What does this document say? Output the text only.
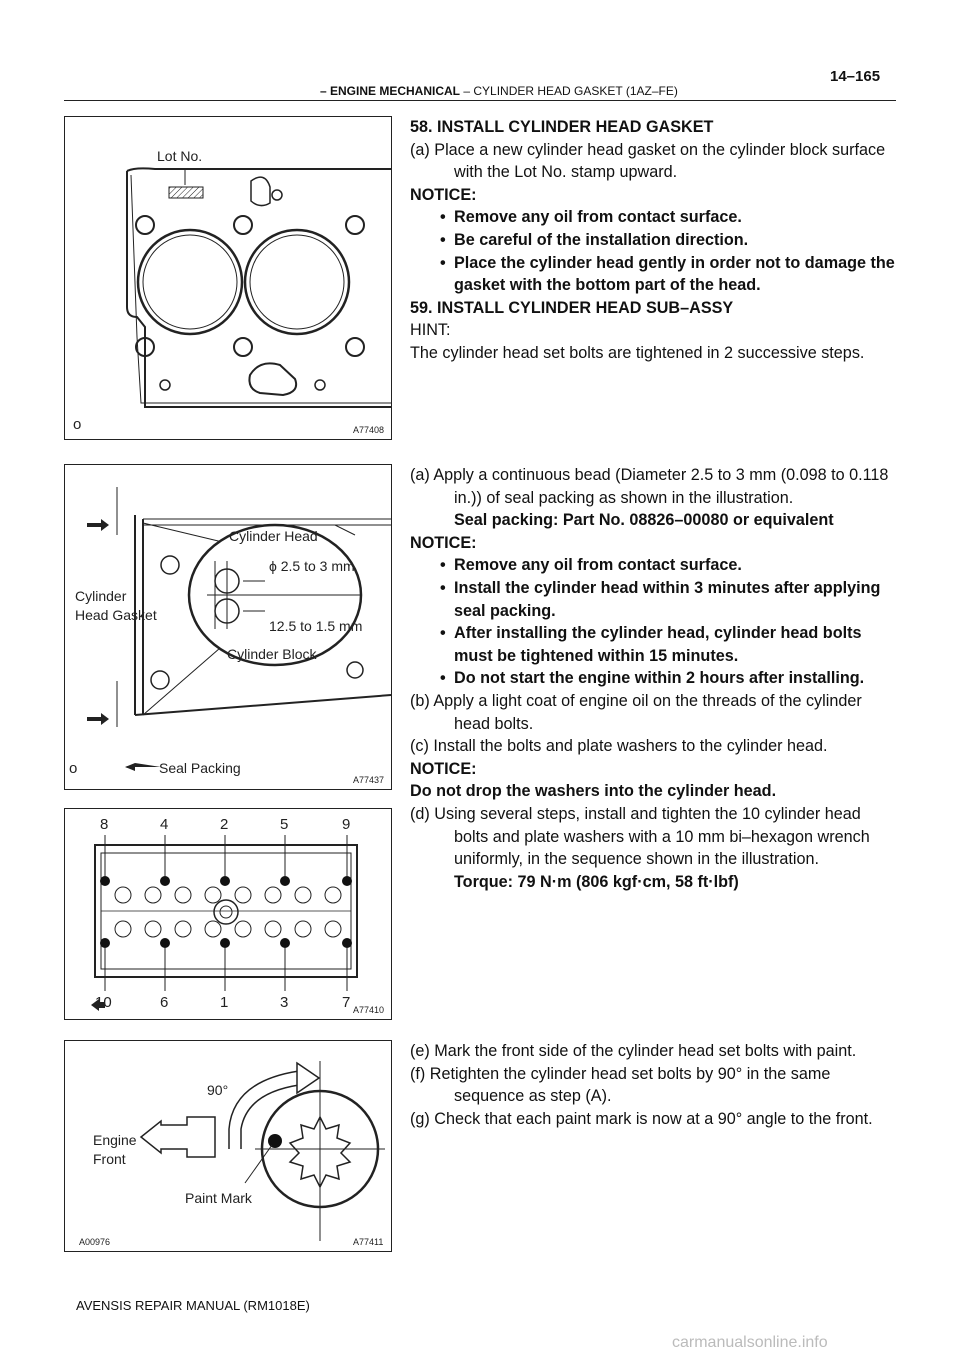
14–165
– ENGINE MECHANICAL – CYLINDER HEAD GASKET (1AZ–FE)
Lot No.
o	A77408
Cylinder
Head Gasket
Cylinder Head
ϕ 2.5 to 3 mm
12.5 to 1.5 mm
Cylinder Block
Seal Packing
o
A77437
8	4	2	5	9
10	6	1	3	7 A77410
90°
Engine
Front
Paint Mark
A00976	A77411

58. INSTALL CYLINDER HEAD GASKET

(a) Place a new cylinder head gasket on the cylinder block surface with the Lot No. stamp upward.

NOTICE:

• Remove any oil from contact surface.

• Be careful of the installation direction.

• Place the cylinder head gently in order not to damage the gasket with the bottom part of the head.

59. INSTALL CYLINDER HEAD SUB–ASSY

HINT:

The cylinder head set bolts are tightened in 2 successive steps.

(a) Apply a continuous bead (Diameter 2.5 to 3 mm (0.098 to 0.118 in.)) of seal packing as shown in the illustration.

Seal packing: Part No. 08826–00080 or equivalent

NOTICE:

• Remove any oil from contact surface.

• Install the cylinder head within 3 minutes after applying seal packing.

• After installing the cylinder head, cylinder head bolts must be tightened within 15 minutes.

• Do not start the engine within 2 hours after installing.

(b) Apply a light coat of engine oil on the threads of the cylinder head bolts.

(c) Install the bolts and plate washers to the cylinder head.

NOTICE:

Do not drop the washers into the cylinder head.

(d) Using several steps, install and tighten the 10 cylinder head bolts and plate washers with a 10 mm bi–hexagon wrench uniformly, in the sequence shown in the illustration.

Torque: 79 N·m (806 kgf·cm, 58 ft·lbf)

(e) Mark the front side of the cylinder head set bolts with paint.

(f) Retighten the cylinder head set bolts by 90° in the same sequence as step (A).

(g) Check that each paint mark is now at a 90° angle to the front.

AVENSIS REPAIR MANUAL (RM1018E)
carmanualsonline.info
